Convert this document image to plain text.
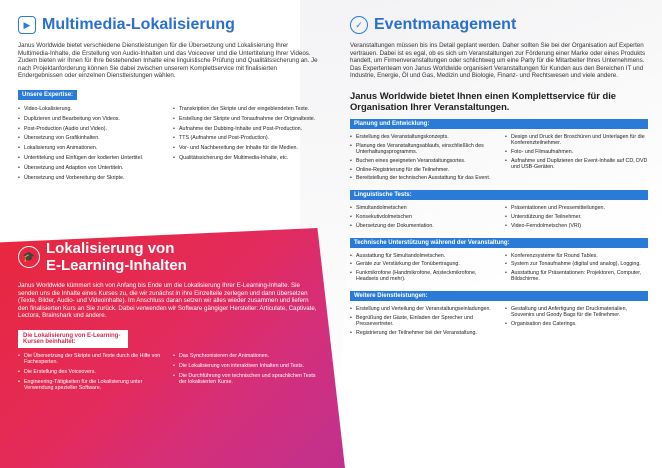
▶ Multimedia-Lokalisierung

Janus Worldwide bietet verschiedene Dienstleistungen für die Übersetzung und Lokalisierung Ihrer Multimedia-Inhalte, die Erstellung von Audio-Inhalten und das Voiceover und die Untertitelung Ihrer Videos. Zudem bieten wir Ihnen für Ihre bestehenden Inhalte eine linguistische Prüfung und Qualitätssicherung an. Je nach Projektanforderung können Sie dabei zwischen unserem Komplettservice mit finalisierten Endergebnissen oder einzelnen Dienstleistungen wählen.

Unsere Expertise:
• Video-Lokalisierung.
• Duplizieren und Bearbeitung von Videos.
• Post-Production (Audio und Video).
• Übersetzung von Grafikinhalten.
• Lokalisierung von Animationen.
• Untertitelung und Einfügen der kodierten Untertitel.
• Übersetzung und Adaption von Untertiteln.
• Übersetzung und Vorbereitung der Skripte.
• Transkription der Skripte und der eingeblendeten Texte.
• Erstellung der Skripte und Tonaufnahme der Originaltexte.
• Aufnahme der Dubbing-Inhalte und Post-Production.
• TTS (Aufnahme und Post-Production).
• Vor- und Nachbereitung der Inhalte für die Medien.
• Qualitätssicherung der Multimedia-Inhalte, etc.
🎓 Lokalisierung von
E-Learning-Inhalten

Janus Worldwide kümmert sich von Anfang bis Ende um die Lokalisierung Ihrer E-Learning-Inhalte. Sie senden uns die Inhalte eines Kurses zu, die wir zunächst in ihre Einzelteile zerlegen und dann übersetzen (Texte, Bilder, Audio- und Videoinhalte). Im Anschluss daran setzen wir alles wieder zusammen und liefern den finalisierten Kurs an Sie zurück. Dabei verwenden wir Software gängiger Hersteller: Articulate, Captivate, Lectora, Brainshark und andere.

Die Lokalisierung von E-Learning-Kursen beinhaltet:
• Die Übersetzung der Skripte und Texte durch die Hilfe von Fachexperten.
• Die Erstellung des Voiceovers.
• Engineering-Tätigkeiten für die Lokalisierung unter Verwendung spezieller Software.
• Das Synchronisieren der Animationen.
• Die Lokalisierung von interaktiven Inhalten und Tests.
• Die Durchführung von technischen und sprachlichen Tests der lokalisierten Kurse.
✓ Eventmanagement

Veranstaltungen müssen bis ins Detail geplant werden. Daher sollten Sie bei der Organisation auf Experten vertrauen. Dabei ist es egal, ob es sich um Veranstaltungen zur Förderung einer Marke oder eines Produkts handelt, um Firmenveranstaltungen oder schlichtweg um eine Party für die Mitarbeiter Ihres Unternehmens. Das Expertenteam von Janus Worldwide organisiert Veranstaltungen für Kunden aus den Bereichen IT und Industrie, Energie, Öl und Gas, Medizin und Biologie, Finanz- und Rechtswesen und viele andere.

Janus Worldwide bietet Ihnen einen Komplettservice für die Organisation Ihrer Veranstaltungen.

Planung und Entwicklung:
• Erstellung des Veranstaltungskonzepts.
• Planung des Veranstaltungsablaufs, einschließlich des Unterhaltungsprogramms.
• Buchen eines geeigneten Veranstaltungsortes.
• Online-Registrierung für die Teilnehmer.
• Bereitstellung der technischen Ausstattung für das Event.
• Design und Druck der Broschüren und Unterlagen für die Konferenzteilnehmer.
• Foto- und Filmaufnahmen.
• Aufnahme und Duplizieren der Event-Inhalte auf CD, DVD und USB-Geräten.
Linguistische Tests:
• Simultandolmetschen
• Konsekutivdolmetschen
• Übersetzung der Dokumentation.
• Präsentationen und Pressemitteilungen.
• Unterstützung der Teilnehmer.
• Video-Ferndolmetschen (VRI)
Technische Unterstützung während der Veranstaltung:
• Ausstattung für Simultandolmetschen.
• Geräte zur Verstärkung der Tonübertragung.
• Funkmikrofone (Handmikrofone, Ansteckmikrofone, Headsets und mehr).
• Konferenzsysteme für Round Tables.
• System zur Tonaufnahme (digital und analog), Logging.
• Ausstattung für Präsentationen: Projektoren, Computer, Bildschirme.
Weitere Dienstleistungen:
• Erstellung und Verteilung der Veranstaltungseinladungen.
• Begrüßung der Gäste, Einladen der Sprecher und Pressevertreter.
• Registrierung der Teilnehmer bei der Veranstaltung.
• Gestaltung und Anfertigung der Druckmaterialien, Souvenirs und Goody Bags für die Teilnehmer.
• Organisation des Caterings.
